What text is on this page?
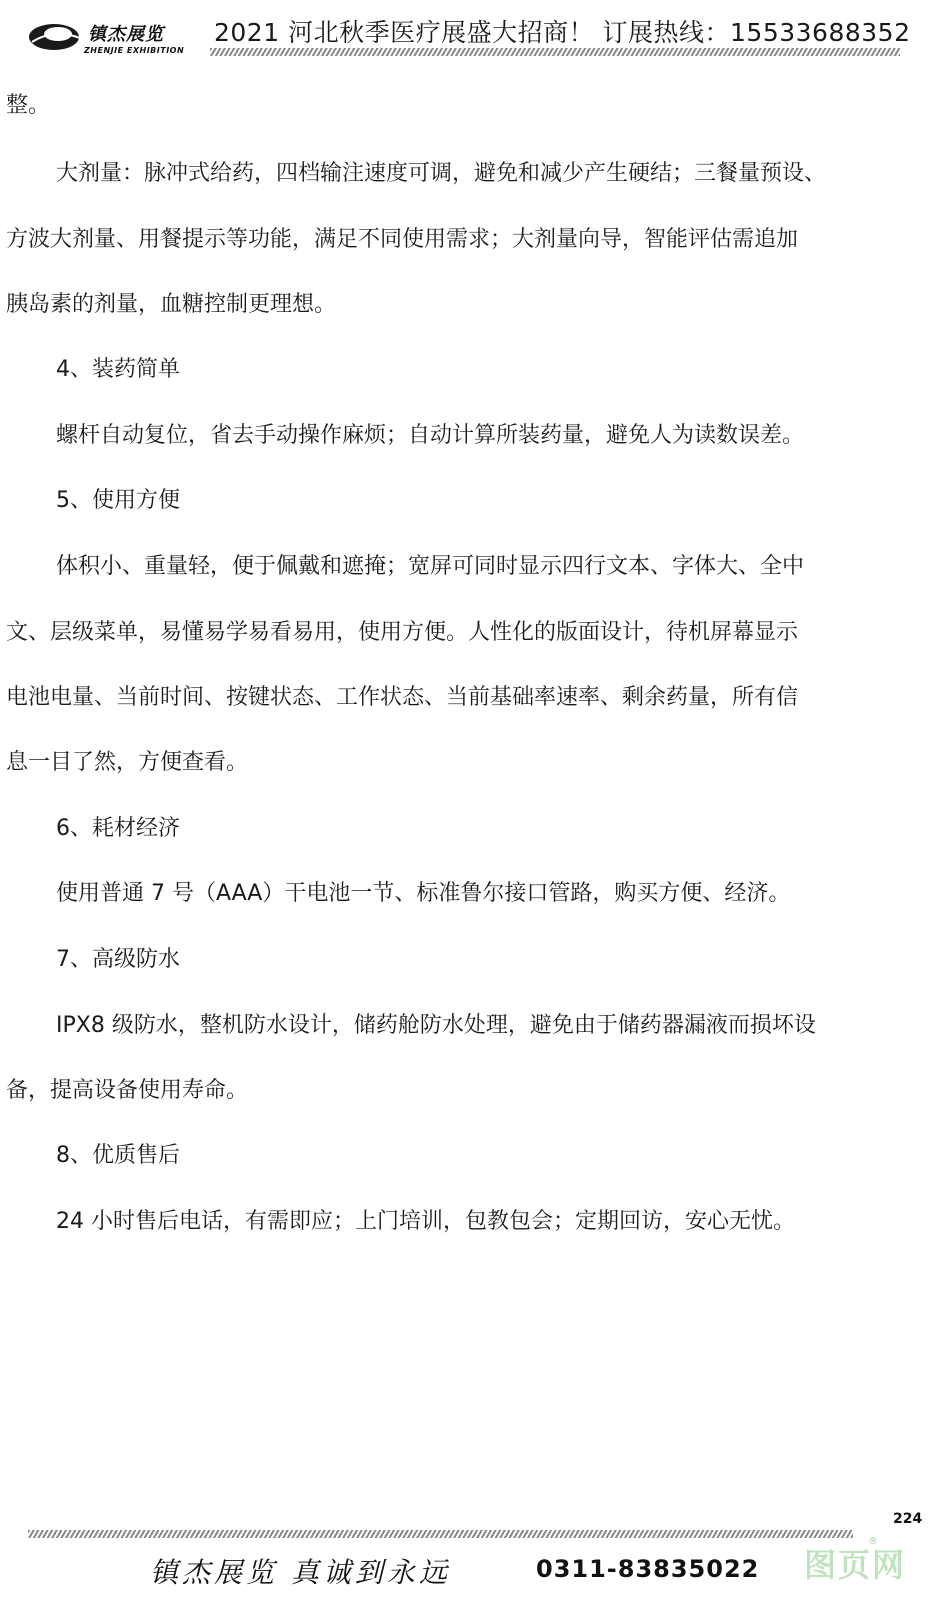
镇杰展览
ZHENJIE EXHIBITION
2021 河北秋季医疗展盛大招商！ 订展热线：15533688352
整。
大剂量：脉冲式给药，四档输注速度可调，避免和减少产生硬结；三餐量预设、
方波大剂量、用餐提示等功能，满足不同使用需求；大剂量向导，智能评估需追加
胰岛素的剂量，血糖控制更理想。
4、装药简单
螺杆自动复位，省去手动操作麻烦；自动计算所装药量，避免人为读数误差。
5、使用方便
体积小、重量轻，便于佩戴和遮掩；宽屏可同时显示四行文本、字体大、全中
文、层级菜单，易懂易学易看易用，使用方便。人性化的版面设计，待机屏幕显示
电池电量、当前时间、按键状态、工作状态、当前基础率速率、剩余药量，所有信
息一目了然，方便查看。
6、耗材经济
使用普通 7 号（AAA）干电池一节、标准鲁尔接口管路，购买方便、经济。
7、高级防水
IPX8 级防水，整机防水设计，储药舱防水处理，避免由于储药器漏液而损坏设
备，提高设备使用寿命。
8、优质售后
24 小时售后电话，有需即应；上门培训，包教包会；定期回访，安心无忧。
224
镇杰展览 真诚到永远	0311-83835022 图页网
®
